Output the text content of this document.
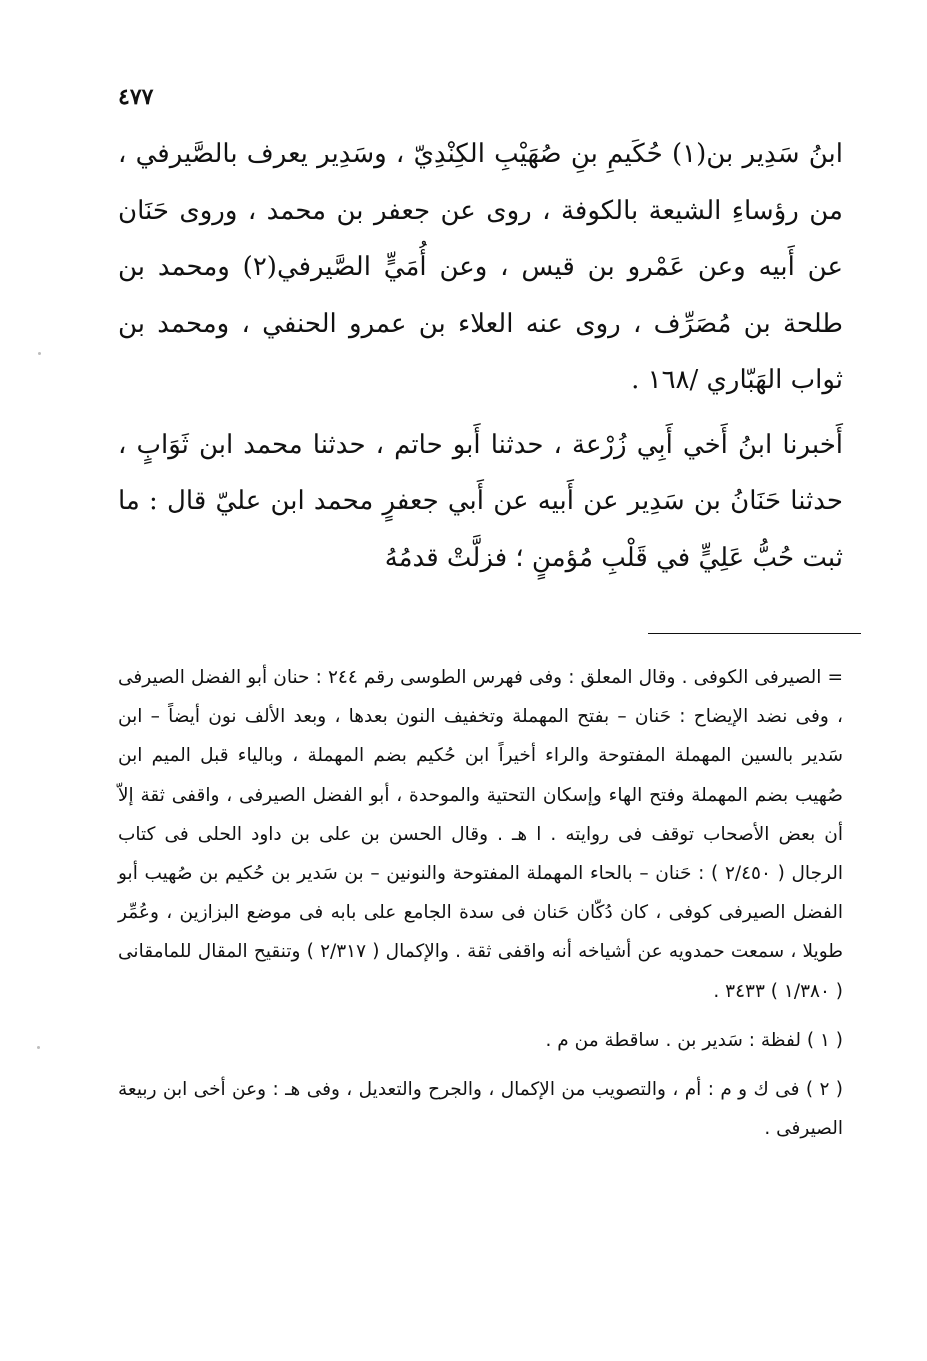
٤٧٧

ابنُ سَدِير بن(١) حُكَيمِ بنِ صُهَيْبِ الكِنْدِيّ ، وسَدِير يعرف بالصَّيرفي ، من رؤساءِ الشيعة بالكوفة ، روى عن جعفر بن محمد ، وروى حَنَان عن أَبيه وعن عَمْرو بن قيس ، وعن أُمَيٍّ الصَّيرفي(٢) ومحمد بن طلحة بن مُصَرِّف ، روى عنه العلاء بن عمرو الحنفي ، ومحمد بن ثواب الهَبّاري /١٦٨ .

أَخبرنا ابنُ أَخي أَبِي زُرْعة ، حدثنا أَبو حاتم ، حدثنا محمد ابن ثَوَابٍ ، حدثنا حَنَانُ بن سَدِير عن أَبيه عن أَبي جعفرٍ محمد ابن عليّ قال : ما ثبت حُبُّ عَلِيٍّ في قَلْبِ مُؤمنٍ ؛ فزلَّتْ قدمُهُ

= الصيرفى الكوفى . وقال المعلق : وفى فهرس الطوسى رقم ٢٤٤ : حنان أبو الفضل الصيرفى ، وفى نضد الإيضاح : حَنان – بفتح المهملة وتخفيف النون بعدها ، وبعد الألف نون أيضاً – ابن سَدير بالسين المهملة المفتوحة والراء أخيراً ابن حُكيم بضم المهملة ، وبالياء قبل الميم ابن صُهيب بضم المهملة وفتح الهاء وإسكان التحتية والموحدة ، أبو الفضل الصيرفى ، واقفى ثقة إلاّ أن بعض الأصحاب توقف فى روايته . ا هـ . وقال الحسن بن على بن داود الحلى فى كتاب الرجال ( ٢/٤٥٠ ) : حَنان – بالحاء المهملة المفتوحة والنونين – بن سَدير بن حُكيم بن صُهيب أبو الفضل الصيرفى كوفى ، كان دُكّان حَنان فى سدة الجامع على بابه فى موضع البزازين ، وعُمِّر طويلا ، سمعت حمدويه عن أشياخه أنه واقفى ثقة . والإكمال ( ٢/٣١٧ ) وتنقيح المقال للمامقانى ( ١/٣٨٠ ) ٣٤٣٣ .

( ١ ) لفظة : سَدير بن . ساقطة من م .

( ٢ ) فى ك و م : أم ، والتصويب من الإكمال ، والجرح والتعديل ، وفى هـ : وعن أخى ابن ربيعة الصيرفى .
